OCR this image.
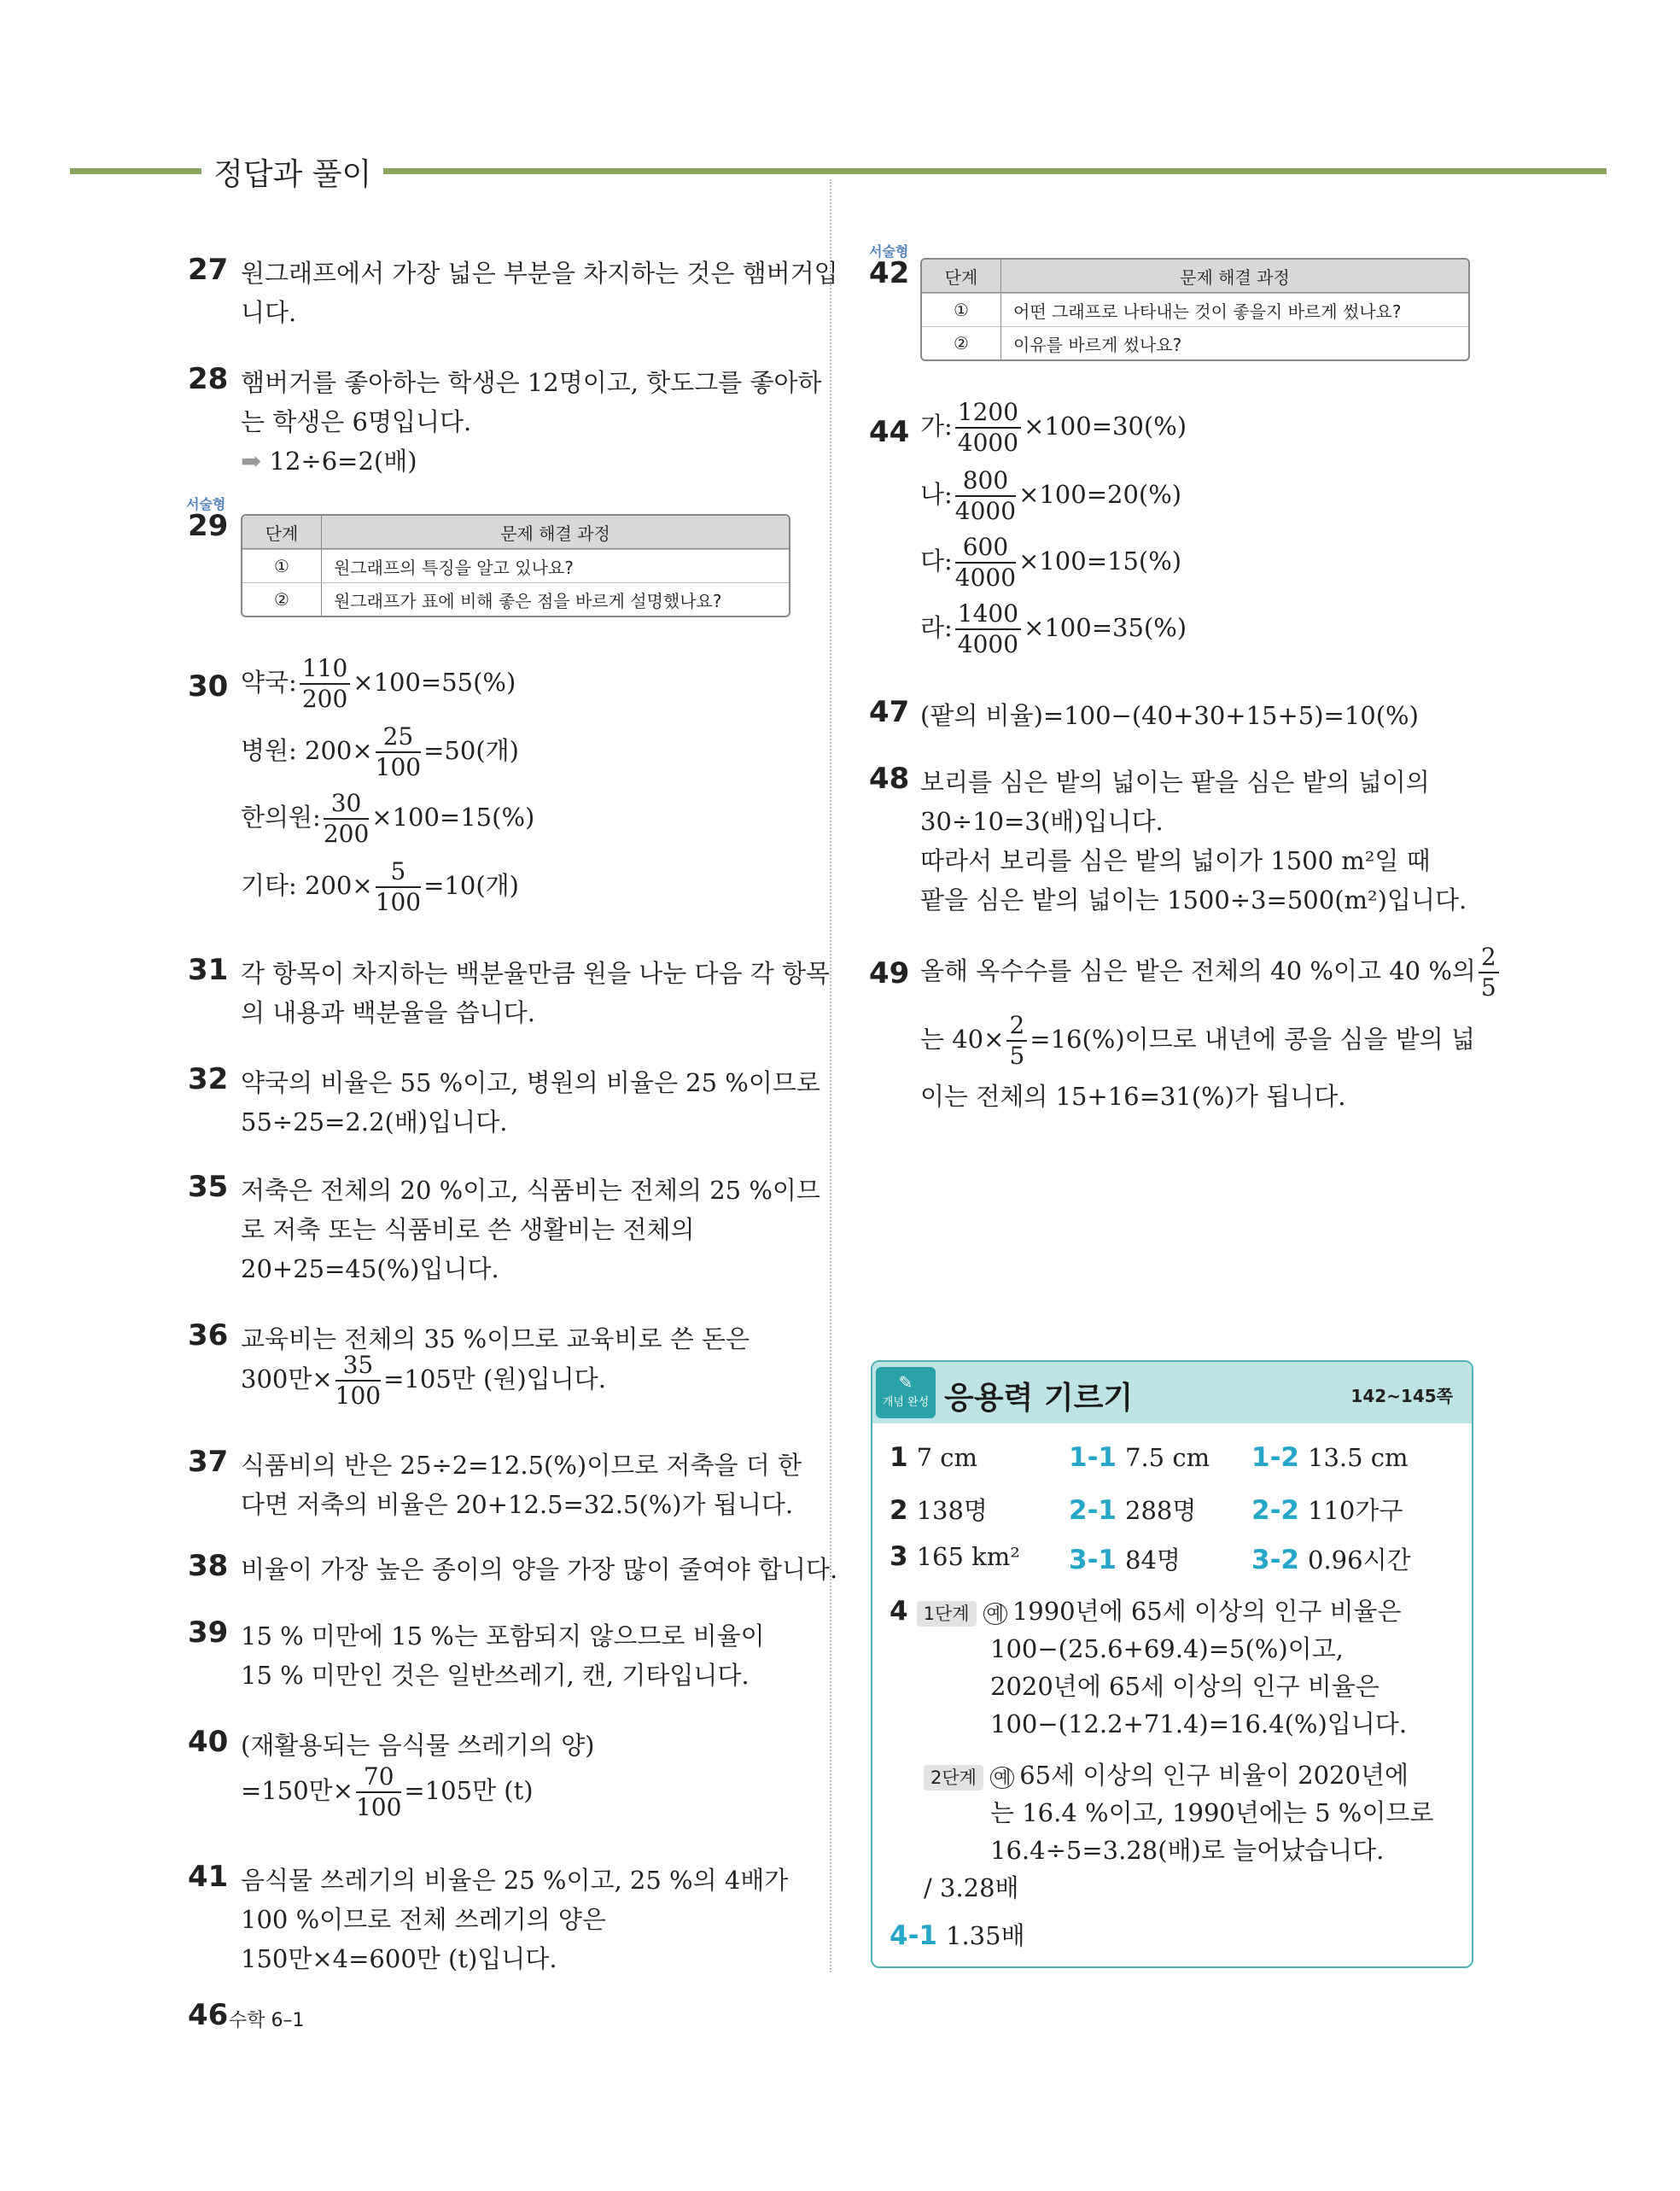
정답과 풀이
27 원그래프에서 가장 넓은 부분을 차지하는 것은 햄버거입
니다.
28 햄버거를 좋아하는 학생은 12명이고, 핫도그를 좋아하
는 학생은 6명입니다.
➡ 12÷6=2(배)
서술형
29 단계	문제 해결 과정
①	원그래프의 특징을 알고 있나요?
②	원그래프가 표에 비해 좋은 점을 바르게 설명했나요?
30 약국: $\frac{110}{200} \times 100=55(\%)$
병원: $200\times \frac{25}{100} =50$(개)
한의원: $\frac{30}{200} \times 100=15(\%)$
기타: $200\times \frac{5}{100} =10$(개)
31 각 항목이 차지하는 백분율만큼 원을 나눈 다음 각 항목
의 내용과 백분율을 씁니다.
32 약국의 비율은 55 %이고, 병원의 비율은 25 %이므로
55÷25=2.2(배)입니다.
35 저축은 전체의 20 %이고, 식품비는 전체의 25 %이므
로 저축 또는 식품비로 쓴 생활비는 전체의
20+25=45(%)입니다.
36 교육비는 전체의 35 %이므로 교육비로 쓴 돈은
300만× $\frac{35}{100} =105$만 (원)입니다.
37 식품비의 반은 25÷2=12.5(%)이므로 저축을 더 한
다면 저축의 비율은 20+12.5=32.5(%)가 됩니다.
38 비율이 가장 높은 종이의 양을 가장 많이 줄여야 합니다.
39 15 % 미만에 15 %는 포함되지 않으므로 비율이
15 % 미만인 것은 일반쓰레기, 캔, 기타입니다.
40 (재활용되는 음식물 쓰레기의 양)
=150만× $\frac{70}{100} =105$만 (t)
41 음식물 쓰레기의 비율은 25 %이고, 25 %의 4배가
100 %이므로 전체 쓰레기의 양은
150만×4=600만 (t)입니다.
46 수학 6–1
서술형
42 단계	문제 해결 과정
①	어떤 그래프로 나타내는 것이 좋을지 바르게 썼나요?
②	이유를 바르게 썼나요?
44 가: $\frac{1200}{4000} \times 100=30(\%)$
나: $\frac{800}{4000} \times 100=20(\%)$
다: $\frac{600}{4000} \times 100=15(\%)$
라: $\frac{1400}{4000} \times 100=35(\%)$
47 (팥의 비율)=100−(40+30+15+5)=10(%)
48 보리를 심은 밭의 넓이는 팥을 심은 밭의 넓이의
30÷10=3(배)입니다.
따라서 보리를 심은 밭의 넓이가 1500 m²일 때
팥을 심은 밭의 넓이는 1500÷3=500(m²)입니다.
49 올해 옥수수를 심은 밭은 전체의 40 %이고 40 %의 $\frac{2}{5}$
는 $40\times \frac{2}{5} =16(\%)$이므로 내년에 콩을 심을 밭의 넓
이는 전체의 15+16=31(%)가 됩니다.
✎
개념 완성 응용력 기르기	142~145쪽
1 7 cm	1-1 7.5 cm 1-2 13.5 cm
2 138명	2-1 288명 2-2 110가구
3 165 km² 3-1 84명	3-2 0.96시간
4 1단계 예 1990년에 65세 이상의 인구 비율은
100−(25.6+69.4)=5(%)이고,
2020년에 65세 이상의 인구 비율은
100−(12.2+71.4)=16.4(%)입니다.
2단계 예 65세 이상의 인구 비율이 2020년에
는 16.4 %이고, 1990년에는 5 %이므로
16.4÷5=3.28(배)로 늘어났습니다.
/ 3.28배
4-1 1.35배
